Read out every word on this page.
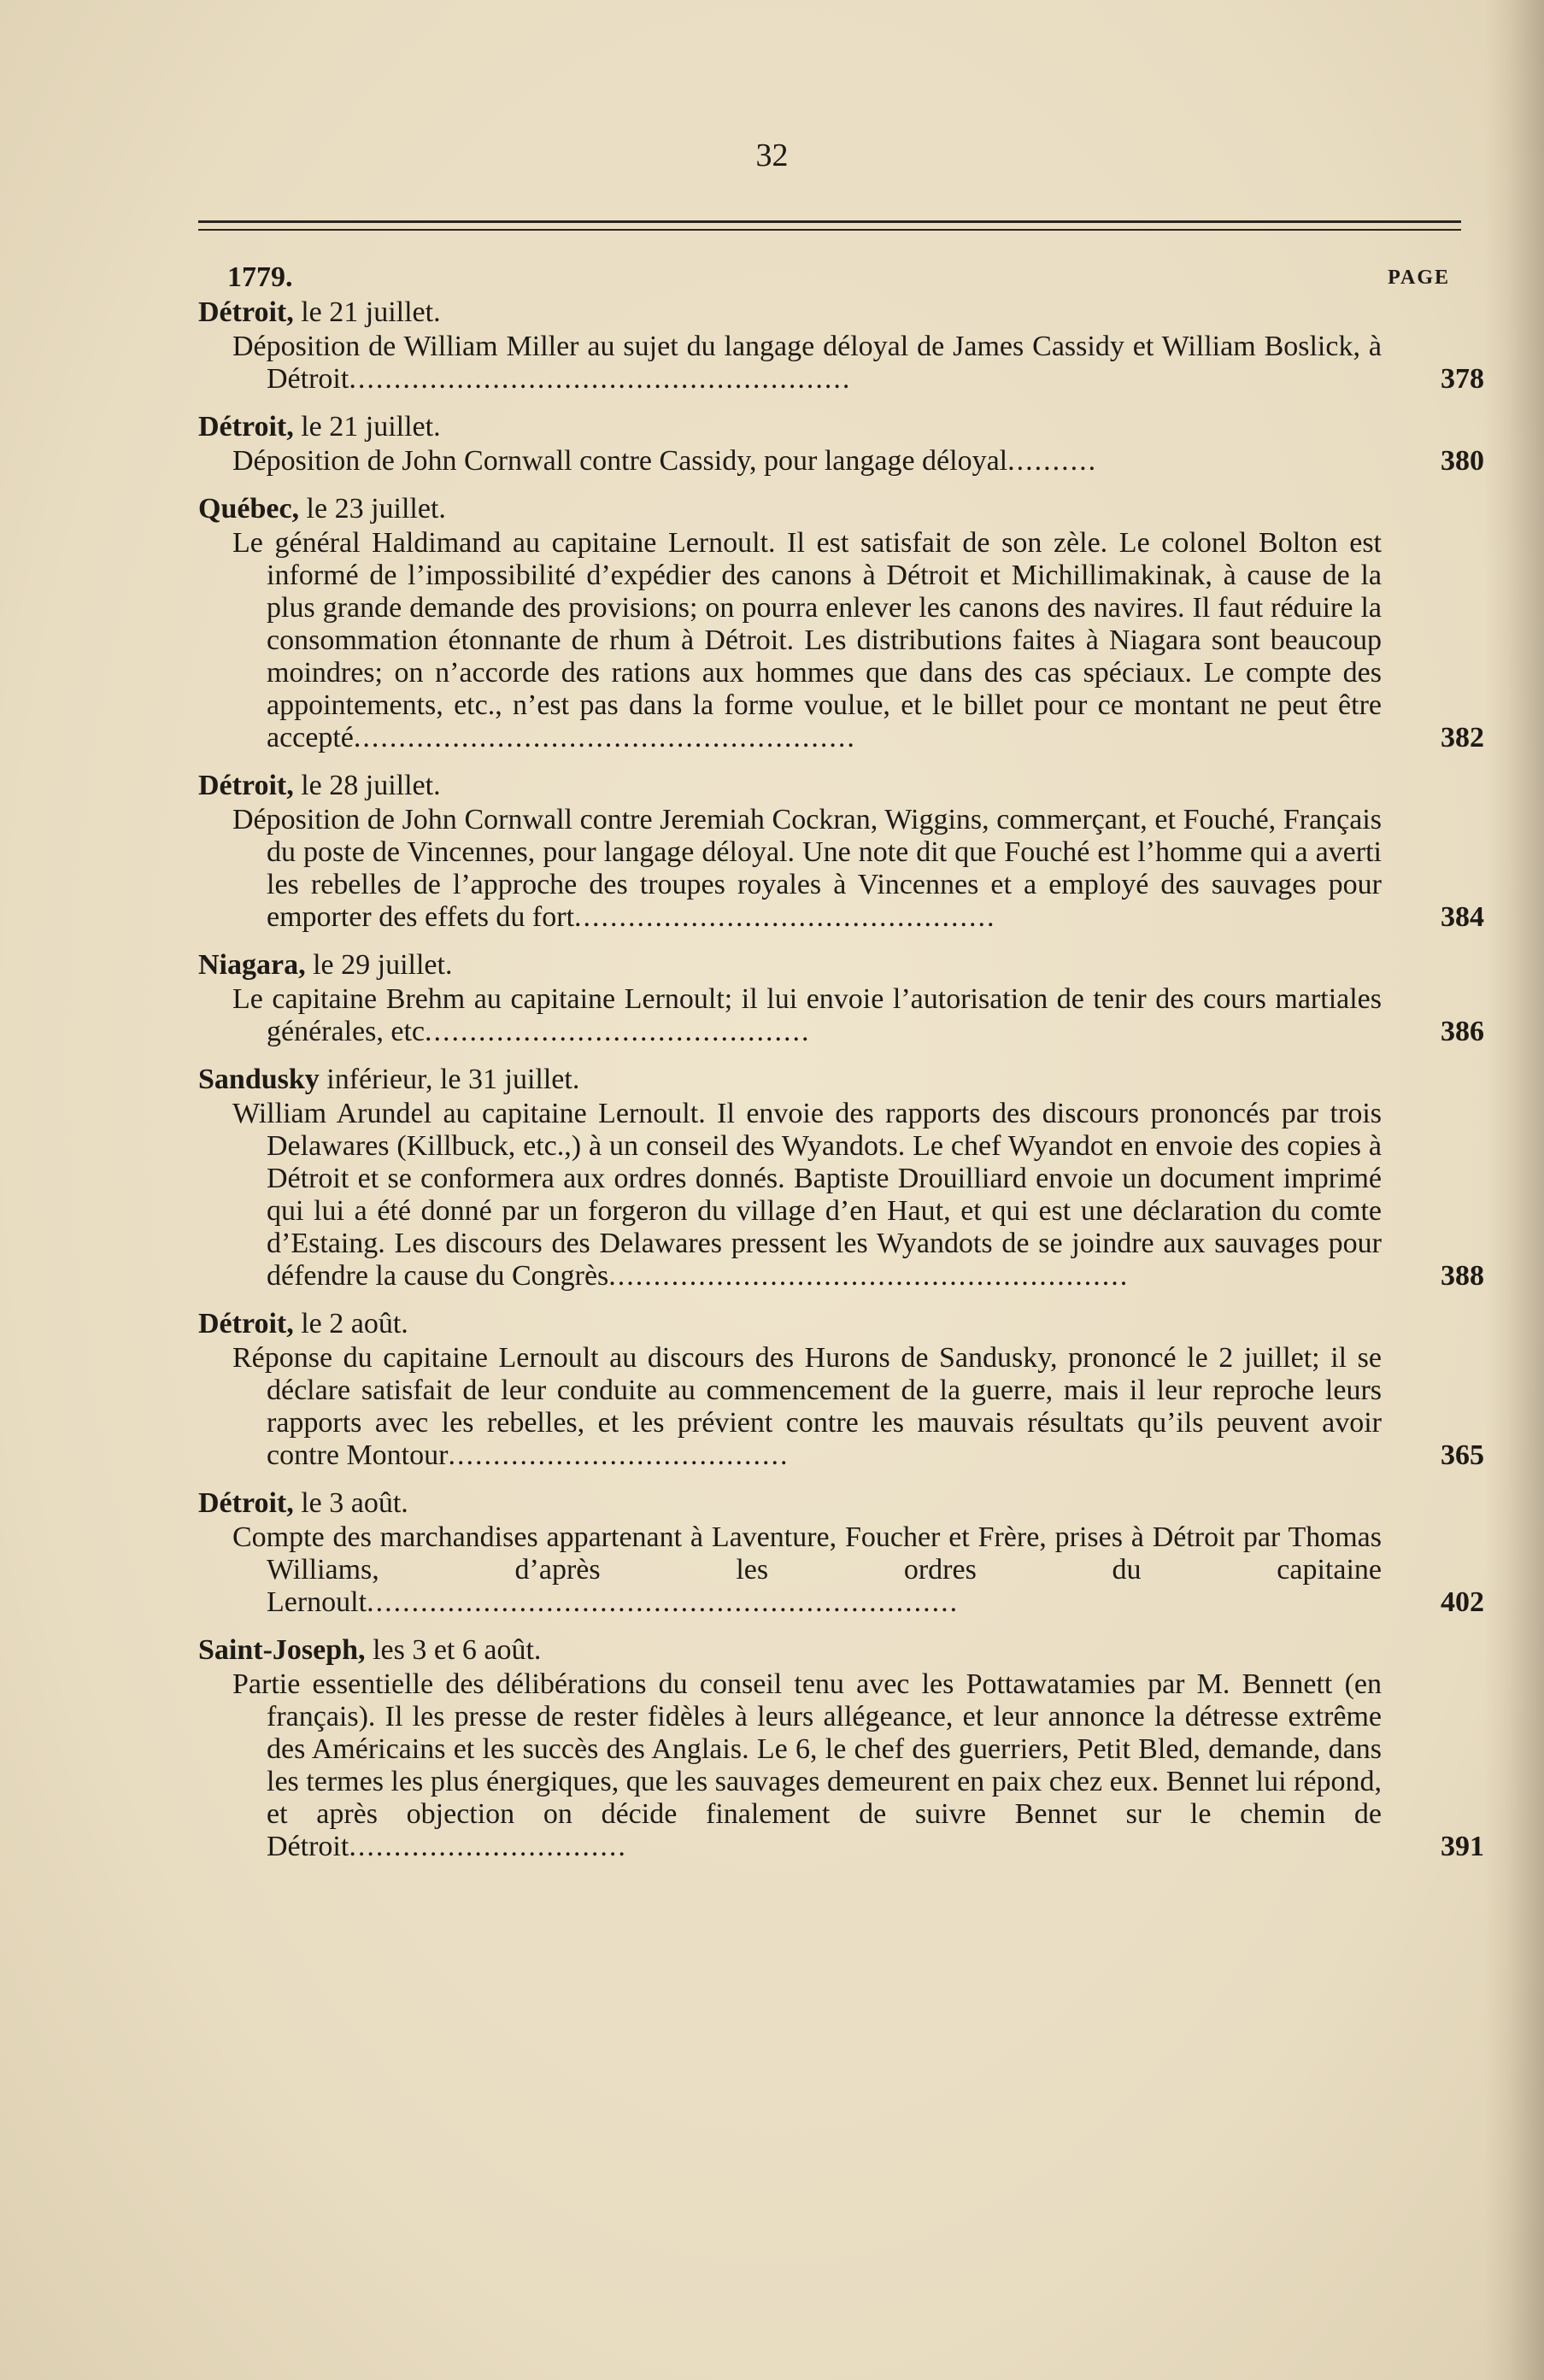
32
1779.	PAGE
Détroit, le 21 juillet.
Déposition de William Miller au sujet du langage déloyal de James Cassidy et William Boslick, à Détroit........................................................	378
Détroit, le 21 juillet.
Déposition de John Cornwall contre Cassidy, pour langage déloyal..........	380
Québec, le 23 juillet.
Le général Haldimand au capitaine Lernoult. Il est satisfait de son zèle. Le colonel Bolton est informé de l’impossibilité d’expédier des canons à Détroit et Michillimakinak, à cause de la plus grande demande des provisions; on pourra enlever les canons des navires. Il faut réduire la consommation étonnante de rhum à Détroit. Les distributions faites à Niagara sont beaucoup moindres; on n’accorde des rations aux hommes que dans des cas spéciaux. Le compte des appointements, etc., n’est pas dans la forme voulue, et le billet pour ce montant ne peut être accepté........................................................	382
Détroit, le 28 juillet.
Déposition de John Cornwall contre Jeremiah Cockran, Wiggins, commerçant, et Fouché, Français du poste de Vincennes, pour langage déloyal. Une note dit que Fouché est l’homme qui a averti les rebelles de l’approche des troupes royales à Vincennes et a employé des sauvages pour emporter des effets du fort...............................................	384
Niagara, le 29 juillet.
Le capitaine Brehm au capitaine Lernoult; il lui envoie l’autorisation de tenir des cours martiales générales, etc...........................................	386
Sandusky inférieur, le 31 juillet.
William Arundel au capitaine Lernoult. Il envoie des rapports des discours prononcés par trois Delawares (Killbuck, etc.,) à un conseil des Wyandots. Le chef Wyandot en envoie des copies à Détroit et se conformera aux ordres donnés. Baptiste Drouilliard envoie un document imprimé qui lui a été donné par un forgeron du village d’en Haut, et qui est une déclaration du comte d’Estaing. Les discours des Delawares pressent les Wyandots de se joindre aux sauvages pour défendre la cause du Congrès..........................................................	388
Détroit, le 2 août.
Réponse du capitaine Lernoult au discours des Hurons de Sandusky, prononcé le 2 juillet; il se déclare satisfait de leur conduite au commencement de la guerre, mais il leur reproche leurs rapports avec les rebelles, et les prévient contre les mauvais résultats qu’ils peuvent avoir contre Montour......................................	365
Détroit, le 3 août.
Compte des marchandises appartenant à Laventure, Foucher et Frère, prises à Détroit par Thomas Williams, d’après les ordres du capitaine Lernoult..................................................................	402
Saint-Joseph, les 3 et 6 août.
Partie essentielle des délibérations du conseil tenu avec les Pottawatamies par M. Bennett (en français). Il les presse de rester fidèles à leurs allégeance, et leur annonce la détresse extrême des Américains et les succès des Anglais. Le 6, le chef des guerriers, Petit Bled, demande, dans les termes les plus énergiques, que les sauvages demeurent en paix chez eux. Bennet lui répond, et après objection on décide finalement de suivre Bennet sur le chemin de Détroit...............................	391
